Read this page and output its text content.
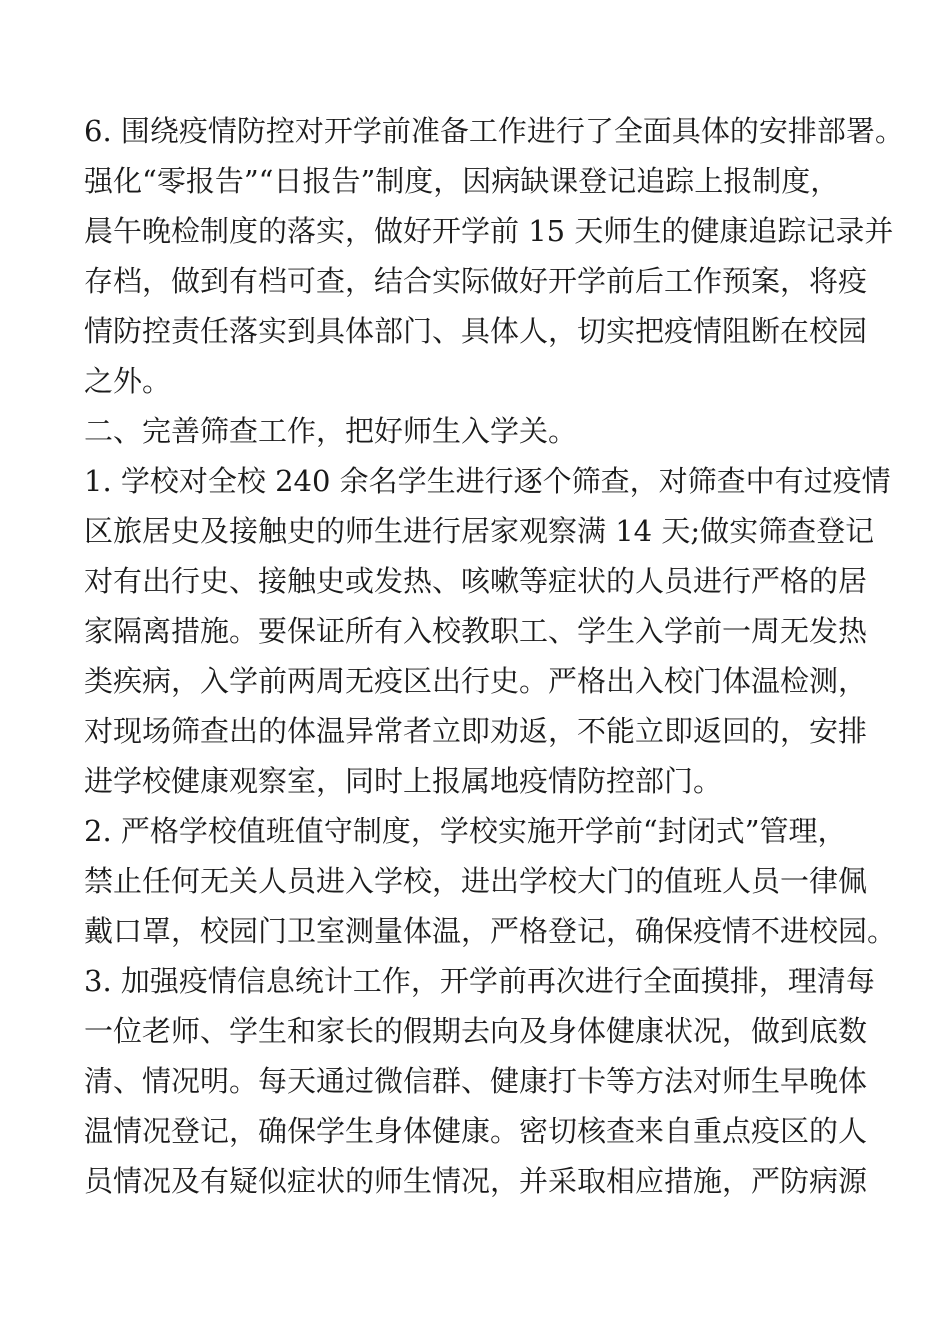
6. 围绕疫情防控对开学前准备工作进行了全面具体的安排部署。
强化“零报告”“日报告”制度，因病缺课登记追踪上报制度，
晨午晚检制度的落实，做好开学前 15 天师生的健康追踪记录并
存档，做到有档可查，结合实际做好开学前后工作预案，将疫
情防控责任落实到具体部门、具体人，切实把疫情阻断在校园
之外。
二、完善筛查工作，把好师生入学关。
1. 学校对全校 240 余名学生进行逐个筛查，对筛查中有过疫情
区旅居史及接触史的师生进行居家观察满 14 天;做实筛查登记
对有出行史、接触史或发热、咳嗽等症状的人员进行严格的居
家隔离措施。要保证所有入校教职工、学生入学前一周无发热
类疾病，入学前两周无疫区出行史。严格出入校门体温检测，
对现场筛查出的体温异常者立即劝返，不能立即返回的，安排
进学校健康观察室，同时上报属地疫情防控部门。
2. 严格学校值班值守制度，学校实施开学前“封闭式”管理，
禁止任何无关人员进入学校，进出学校大门的值班人员一律佩
戴口罩，校园门卫室测量体温，严格登记，确保疫情不进校园。
3. 加强疫情信息统计工作，开学前再次进行全面摸排，理清每
一位老师、学生和家长的假期去向及身体健康状况，做到底数
清、情况明。每天通过微信群、健康打卡等方法对师生早晚体
温情况登记，确保学生身体健康。密切核查来自重点疫区的人
员情况及有疑似症状的师生情况，并采取相应措施，严防病源
